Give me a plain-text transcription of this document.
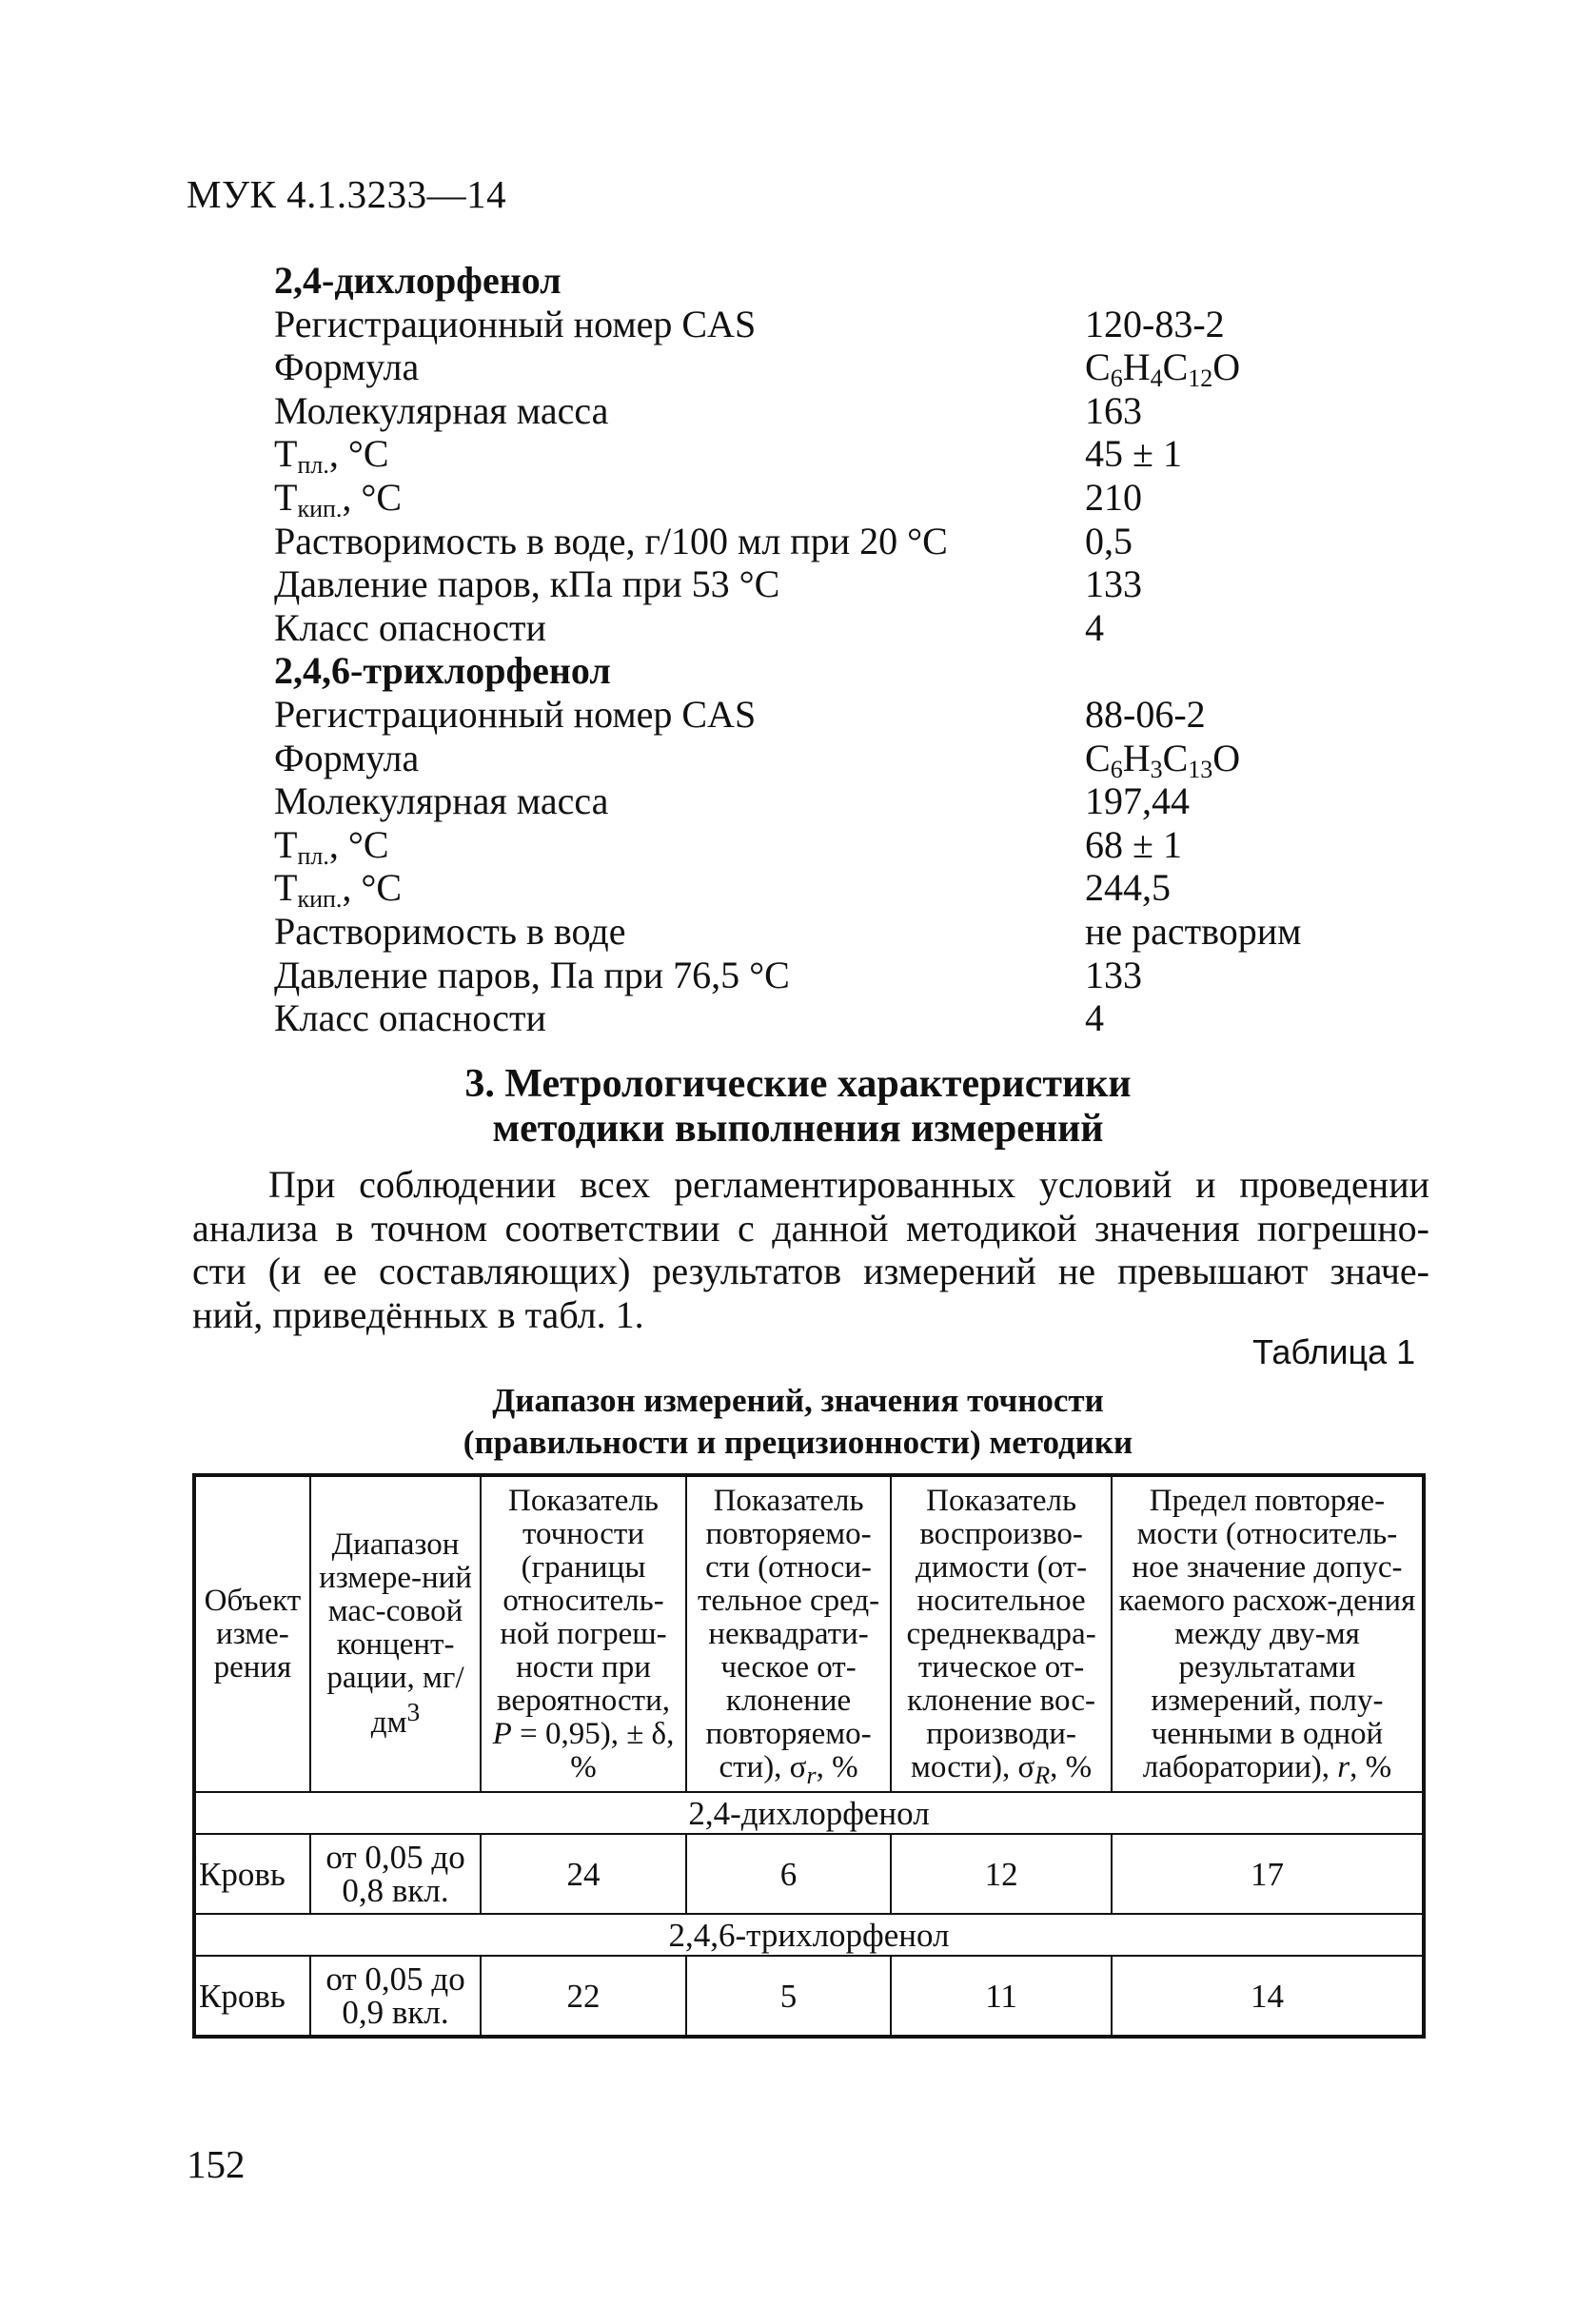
МУК 4.1.3233—14
2,4-дихлорфенол
Регистрационный номер CAS	120-83-2
Формула	$C_6H_4C_{12}O$
Молекулярная масса	163
$Т_{пл.}$, °С	45 ± 1
$Т_{кип.}$, °С	210
Растворимость в воде, г/100 мл при 20 °С	0,5
Давление паров, кПа при 53 °С	133
Класс опасности	4
2,4,6-трихлорфенол
Регистрационный номер CAS	88-06-2
Формула	$C_6H_3C_{13}O$
Молекулярная масса	197,44
$Т_{пл.}$, °С	68 ± 1
$Т_{кип.}$, °С	244,5
Растворимость в воде	не растворим
Давление паров, Па при 76,5 °С	133
Класс опасности	4
3. Метрологические характеристики
методики выполнения измерений
При соблюдении всех регламентированных условий и проведении
анализа в точном соответствии с данной методикой значения погрешно-
сти (и ее составляющих) результатов измерений не превышают значе-
ний, приведённых в табл. 1.
Таблица 1
Диапазон измерений, значения точности
(правильности и прецизионности) методики
Объект изме-рения	Диапазон измере-ний мас-совой концент-рации, $мг/дм^3$	Показатель точности (границы относитель-ной погреш-ности при вероятности, Р = 0,95), ± δ, %	Показатель повторяемо-сти (относи-тельное сред-неквадрати-ческое от-клонение повторяемо-сти), $\sigma_r$, %	Показатель воспроизво-димости (от-носительное среднеквадра-тическое от-клонение вос-производи-мости), $\sigma_R$, %	Предел повторяе-мости (относитель-ное значение допус-каемого расхож-дения между дву-мя результатами измерений, полу-ченными в одной лаборатории), r, %
2,4-дихлорфенол					
Кровь	от 0,05 до 0,8 вкл.	24	6	12	17
2,4,6-трихлорфенол					
Кровь	от 0,05 до 0,9 вкл.	22	5	11	14
152
